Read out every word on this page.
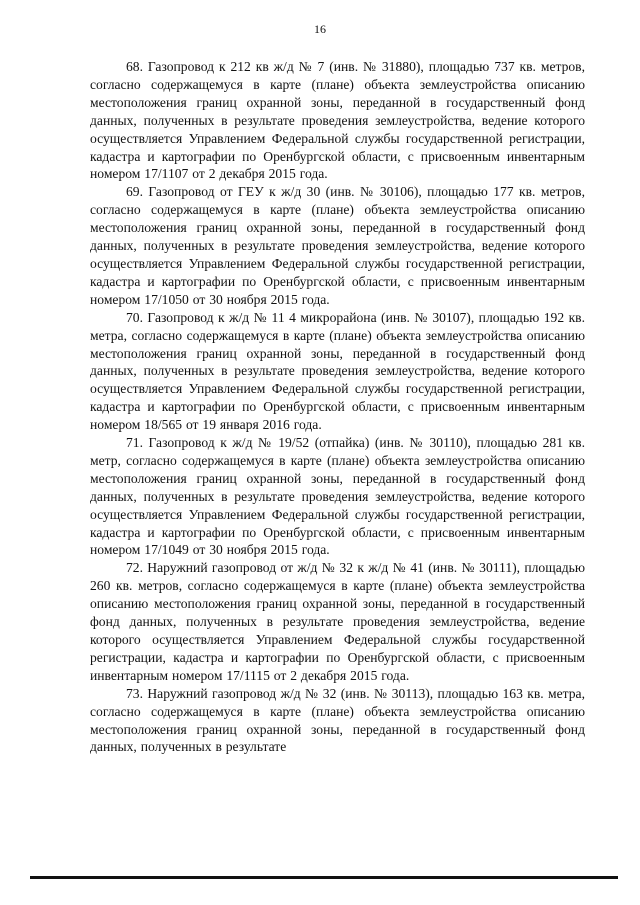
16

68. Газопровод к 212 кв ж/д № 7 (инв. № 31880), площадью 737 кв. метров, согласно содержащемуся в карте (плане) объекта землеустройства описанию местоположения границ охранной зоны, переданной в государственный фонд данных, полученных в результате проведения землеустройства, ведение которого осуществляется Управлением Федеральной службы государственной регистрации, кадастра и картографии по Оренбургской области, с присвоенным инвентарным номером 17/1107 от 2 декабря 2015 года.

69. Газопровод от ГЕУ к ж/д 30 (инв. № 30106), площадью 177 кв. метров, согласно содержащемуся в карте (плане) объекта землеустройства описанию местоположения границ охранной зоны, переданной в государственный фонд данных, полученных в результате проведения землеустройства, ведение которого осуществляется Управлением Федеральной службы государственной регистрации, кадастра и картографии по Оренбургской области, с присвоенным инвентарным номером 17/1050 от 30 ноября 2015 года.

70. Газопровод к ж/д № 11 4 микрорайона (инв. № 30107), площадью 192 кв. метра, согласно содержащемуся в карте (плане) объекта землеустройства описанию местоположения границ охранной зоны, переданной в государственный фонд данных, полученных в результате проведения землеустройства, ведение которого осуществляется Управлением Федеральной службы государственной регистрации, кадастра и картографии по Оренбургской области, с присвоенным инвентарным номером 18/565 от 19 января 2016 года.

71. Газопровод к ж/д № 19/52 (отпайка) (инв. № 30110), площадью 281 кв. метр, согласно содержащемуся в карте (плане) объекта землеустройства описанию местоположения границ охранной зоны, переданной в государственный фонд данных, полученных в результате проведения землеустройства, ведение которого осуществляется Управлением Федеральной службы государственной регистрации, кадастра и картографии по Оренбургской области, с присвоенным инвентарным номером 17/1049 от 30 ноября 2015 года.

72. Наружний газопровод от ж/д № 32 к ж/д № 41 (инв. № 30111), площадью 260 кв. метров, согласно содержащемуся в карте (плане) объекта землеустройства описанию местоположения границ охранной зоны, переданной в государственный фонд данных, полученных в результате проведения землеустройства, ведение которого осуществляется Управлением Федеральной службы государственной регистрации, кадастра и картографии по Оренбургской области, с присвоенным инвентарным номером 17/1115 от 2 декабря 2015 года.

73. Наружний газопровод ж/д № 32 (инв. № 30113), площадью 163 кв. метра, согласно содержащемуся в карте (плане) объекта землеустройства описанию местоположения границ охранной зоны, переданной в государственный фонд данных, полученных в результате
